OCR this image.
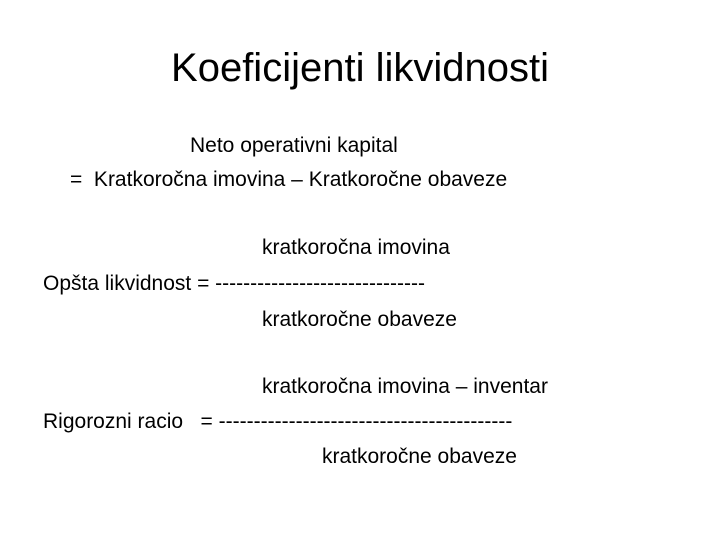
Koeficijenti likvidnosti
Neto operativni kapital
=  Kratkoročna imovina – Kratkoročne obaveze
kratkoročna imovina
Opšta likvidnost = ------------------------------
kratkoročne obaveze
kratkoročna imovina – inventar
Rigorozni racio   = ------------------------------------------
kratkoročne obaveze
